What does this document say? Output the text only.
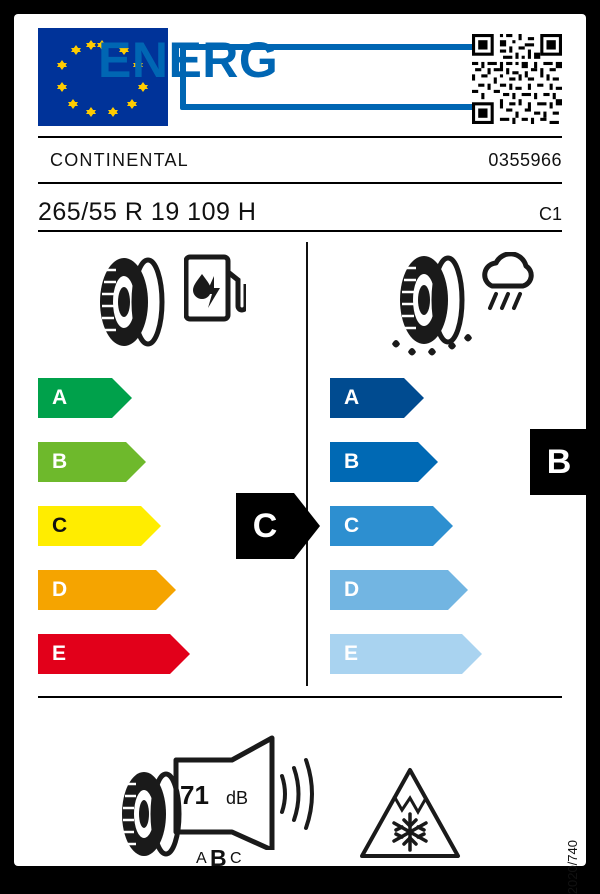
ENERG
CONTINENTAL	0355966
265/55 R 19 109 H	C1
A
B
C
D
E
C
A
B
C
D
E
B
71 dB
A B C	2020/740
